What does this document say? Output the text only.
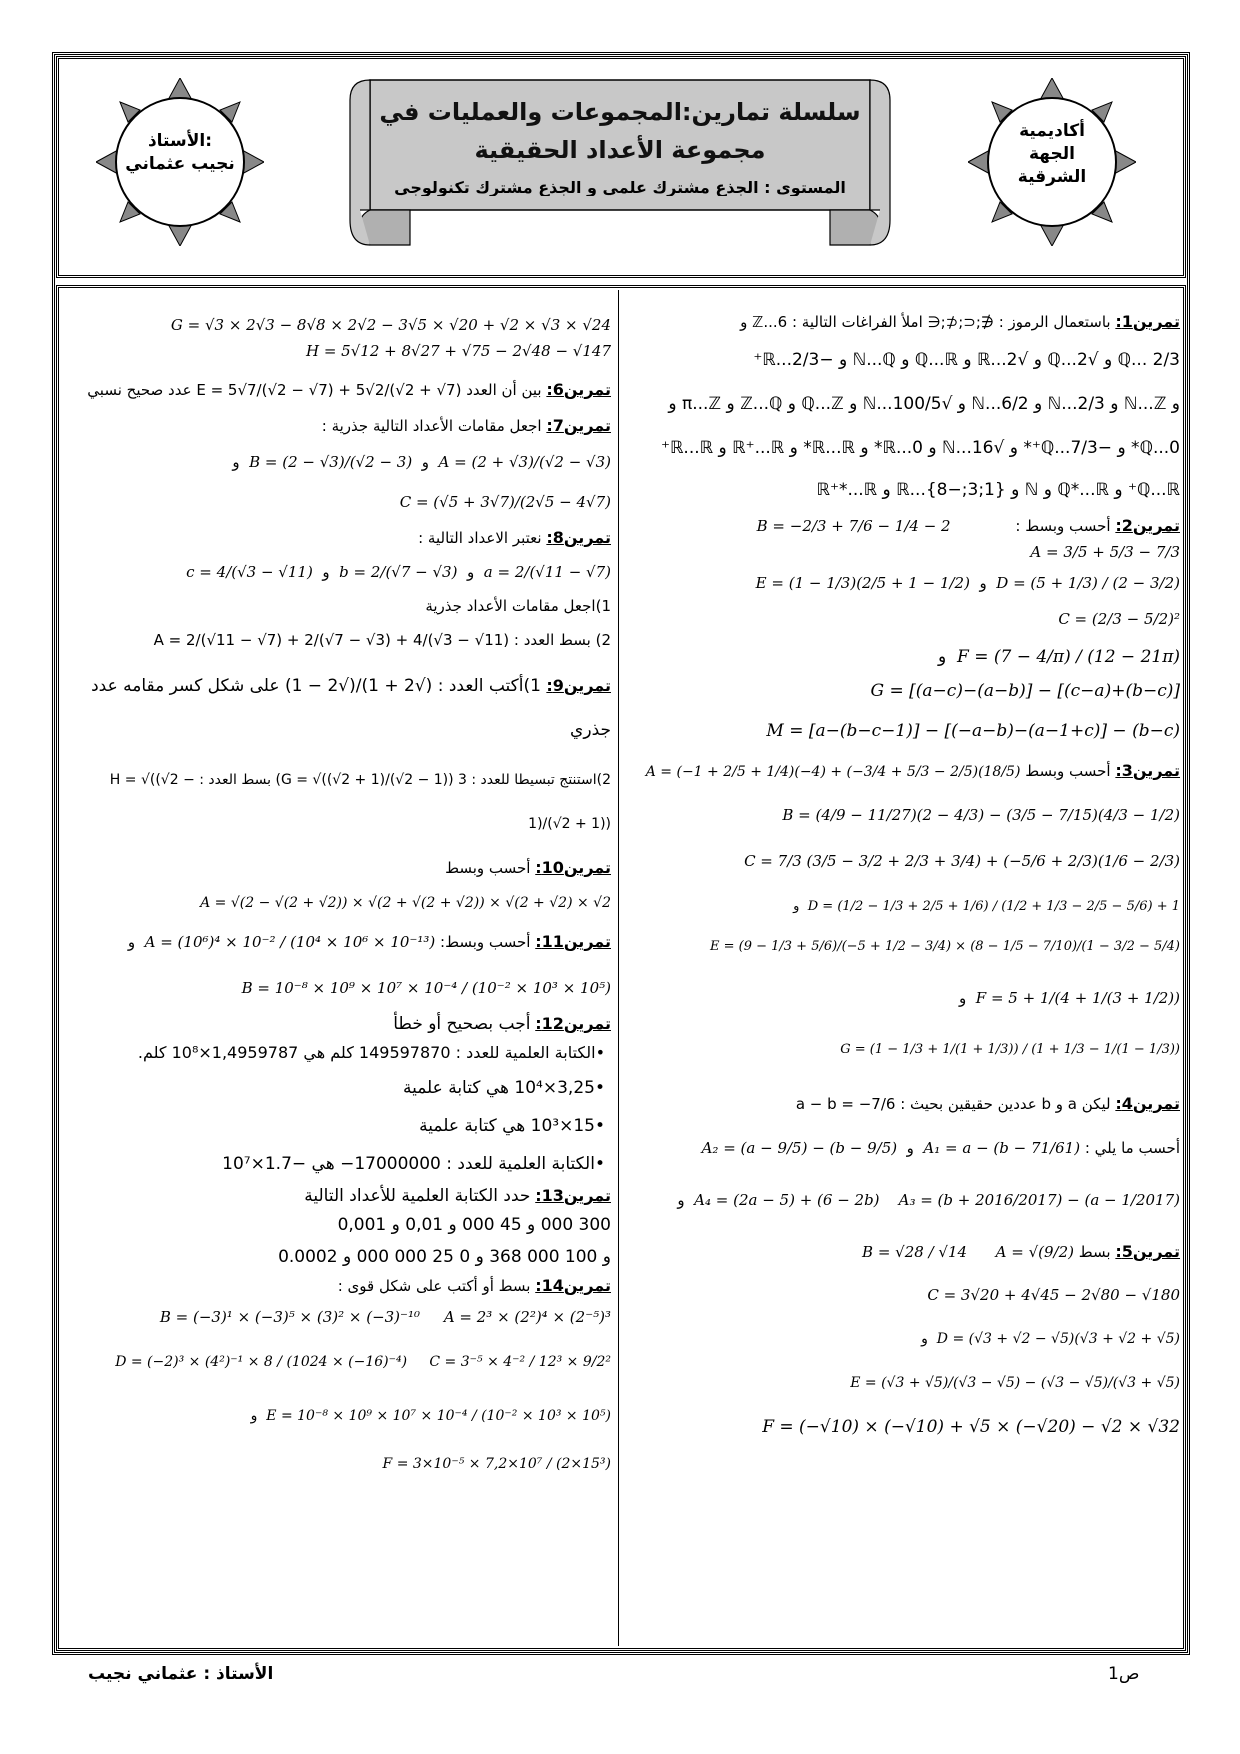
أكاديمية
الجهة
الشرقية
الأستاذ:
نجيب عثماني
سلسلة تمارين:المجموعات والعمليات في
مجموعة الأعداد الحقيقية
المستوى : الجذع مشترك علمي و الجذع مشترك تكنولوجي
تمرين1: باستعمال الرموز : ∉;⊂;⊄;∈ املأ الفراغات التالية : 6...ℤ و
2/3 ...ℚ و √2...ℚ و √2...ℝ و ℚ...ℝ و ℕ...ℚ و −2/3...ℝ⁺
و ℕ...ℤ و 2/3...ℕ و 6/2...ℕ و √100/5...ℕ و ℚ...ℤ و ℤ...ℚ و π...ℤ و
0...ℚ* و −7/3...ℚ⁺* و √16...ℕ و 0...ℝ* و ℝ...ℝ* و ℝ⁺...ℝ و ℝ...ℝ⁺
ℚ...ℝ⁺ و ℚ*...ℝ و ℕ و {1;3;−8}...ℝ و ℝ⁺*...ℝ
تمرين2: أحسب وبسط : B = −2/3 + 7/6 − 1/4 − 2
A = 3/5 + 5/3 − 7/3
D = (5 + 1/3) / (2 − 3/2)  و  E = (1 − 1/3)(2/5 + 1 − 1/2)
C = (2/3 − 5/2)²
F = (7 − 4/π) / (12 − 21π)  و  G = [(a−c)−(a−b)] − [(c−a)+(b−c)]
M = [a−(b−c−1)] − [(−a−b)−(a−1+c)] − (b−c)
تمرين3: أحسب وبسط A = (−1 + 2/5 + 1/4)(−4) + (−3/4 + 5/3 − 2/5)(18/5)
B = (4/9 − 11/27)(2 − 4/3) − (3/5 − 7/15)(4/3 − 1/2)
C = 7/3 (3/5 − 3/2 + 2/3 + 3/4) + (−5/6 + 2/3)(1/6 − 2/3)
D = (1/2 − 1/3 + 2/5 + 1/6) / (1/2 + 1/3 − 2/5 − 5/6) + 1  و  E = (9 − 1/3 + 5/6)/(−5 + 1/2 − 3/4) × (8 − 1/5 − 7/10)/(1 − 3/2 − 5/4)
F = 5 + 1/(4 + 1/(3 + 1/2))  و  G = (1 − 1/3 + 1/(1 + 1/3)) / (1 + 1/3 − 1/(1 − 1/3))
تمرين4: ليكن a و b عددين حقيقين بحيث : a − b = −7/6
أحسب ما يلي : A₁ = a − (b − 71/61)  و  A₂ = (a − 9/5) − (b − 9/5)
A₃ = (b + 2016/2017) − (a − 1/2017)    A₄ = (2a − 5) + (6 − 2b)  و
تمرين5: بسط A = √(9/2)      B = √28 / √14
C = 3√20 + 4√45 − 2√80 − √180
D = (√3 + √2 − √5)(√3 + √2 + √5)  و  E = (√3 + √5)/(√3 − √5) − (√3 − √5)/(√3 + √5)
F = (−√10) × (−√10) + √5 × (−√20) − √2 × √32
G = √3 × 2√3 − 8√8 × 2√2 − 3√5 × √20 + √2 × √3 × √24
H = 5√12 + 8√27 + √75 − 2√48 − √147
تمرين6: بين أن العدد E = 5√7/(√2 − √7) + 5√2/(√2 + √7) عدد صحيح نسبي
تمرين7: اجعل مقامات الأعداد التالية جذرية :
A = (2 + √3)/(√2 − √3)  و  B = (2 − √3)/(√2 − 3)  و  C = (√5 + 3√7)/(2√5 − 4√7)
تمرين8: نعتبر الاعداد التالية :
a = 2/(√11 − √7)  و  b = 2/(√7 − √3)  و  c = 4/(√3 − √11)
1)اجعل مقامات الأعداد جذرية
2) بسط العدد : A = 2/(√11 − √7) + 2/(√7 − √3) + 4/(√3 − √11)
تمرين9: 1)أكتب العدد : (√2 + 1)/(√2 − 1) على شكل كسر مقامه عدد جذري
2)استنتج تبسيطا للعدد : G = √((√2 + 1)/(√2 − 1)) 3) بسط العدد : H = √((√2 − 1)/(√2 + 1))
تمرين10: أحسب وبسط
A = √(2 − √(2 + √2)) × √(2 + √(2 + √2)) × √(2 + √2) × √2
تمرين11: أحسب وبسط: A = (10⁶)⁴ × 10⁻² / (10⁴ × 10⁶ × 10⁻¹³)  و
B = 10⁻⁸ × 10⁹ × 10⁷ × 10⁻⁴ / (10⁻² × 10³ × 10⁵)
تمرين12: أجب بصحيح أو خطأ
•الكتابة العلمية للعدد : 149597870 كلم هي 1,4959787×10⁸ كلم.
•3,25×10⁴ هي كتابة علمية
•15×10³ هي كتابة علمية
•الكتابة العلمية للعدد : 17000000− هي −1.7×10⁷
تمرين13: حدد الكتابة العلمية للأعداد التالية
300 000 و 45 000 و 0,01 و 0,001
و 100 000 368 و 0 25 000 000 و 0.0002
تمرين14: بسط أو أكتب على شكل قوى :
A = 2³ × (2²)⁴ × (2⁻⁵)³     B = (−3)¹ × (−3)⁵ × (3)² × (−3)⁻¹⁰
C = 3⁻⁵ × 4⁻² / 12³ × 9/2²     D = (−2)³ × (4²)⁻¹ × 8 / (1024 × (−16)⁻⁴)
E = 10⁻⁸ × 10⁹ × 10⁷ × 10⁻⁴ / (10⁻² × 10³ × 10⁵)  و  F = 3×10⁻⁵ × 7,2×10⁷ / (2×15³)
الأستاذ : عثماني نجيب	ص1
